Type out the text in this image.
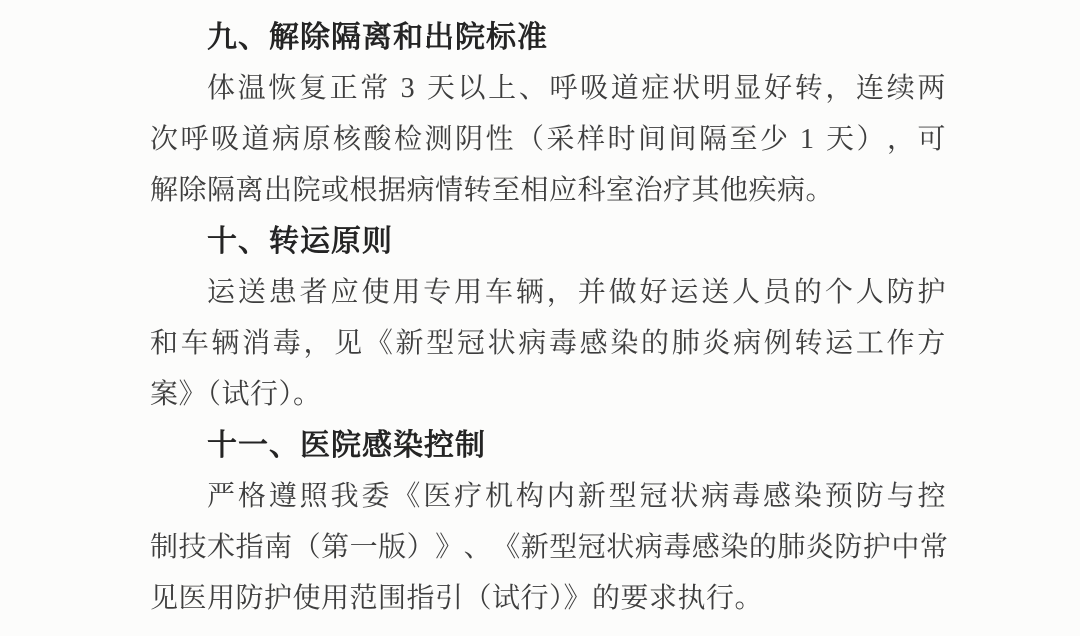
九、解除隔离和出院标准
体 温 恢 复 正 常
3
天 以 上 、 呼 吸 道 症 状 明 显 好 转 ， 连 续 两
次 呼 吸 道 病 原 核 酸 检 测 阴 性 （ 采 样 时 间 间 隔 至 少
1
天 ） ， 可
解除隔离出院或根据病情转至相应科室治疗其他疾病。
十、转运原则
运 送 患 者 应 使 用 专 用 车 辆 ， 并 做 好 运 送 人 员 的 个 人 防 护
和 车 辆 消 毒 ， 见 《 新 型 冠 状 病 毒 感 染 的 肺 炎 病 例 转 运 工 作 方
案》（试行）。
十一、医院感染控制
严 格 遵 照 我 委 《 医 疗 机 构 内 新 型 冠 状 病 毒 感 染 预 防 与 控
制 技 术 指 南 （ 第 一 版 ） 》 、 《 新 型 冠 状 病 毒 感 染 的 肺 炎 防 护 中 常
见医用防护使用范围指引（试行）》的要求执行。
